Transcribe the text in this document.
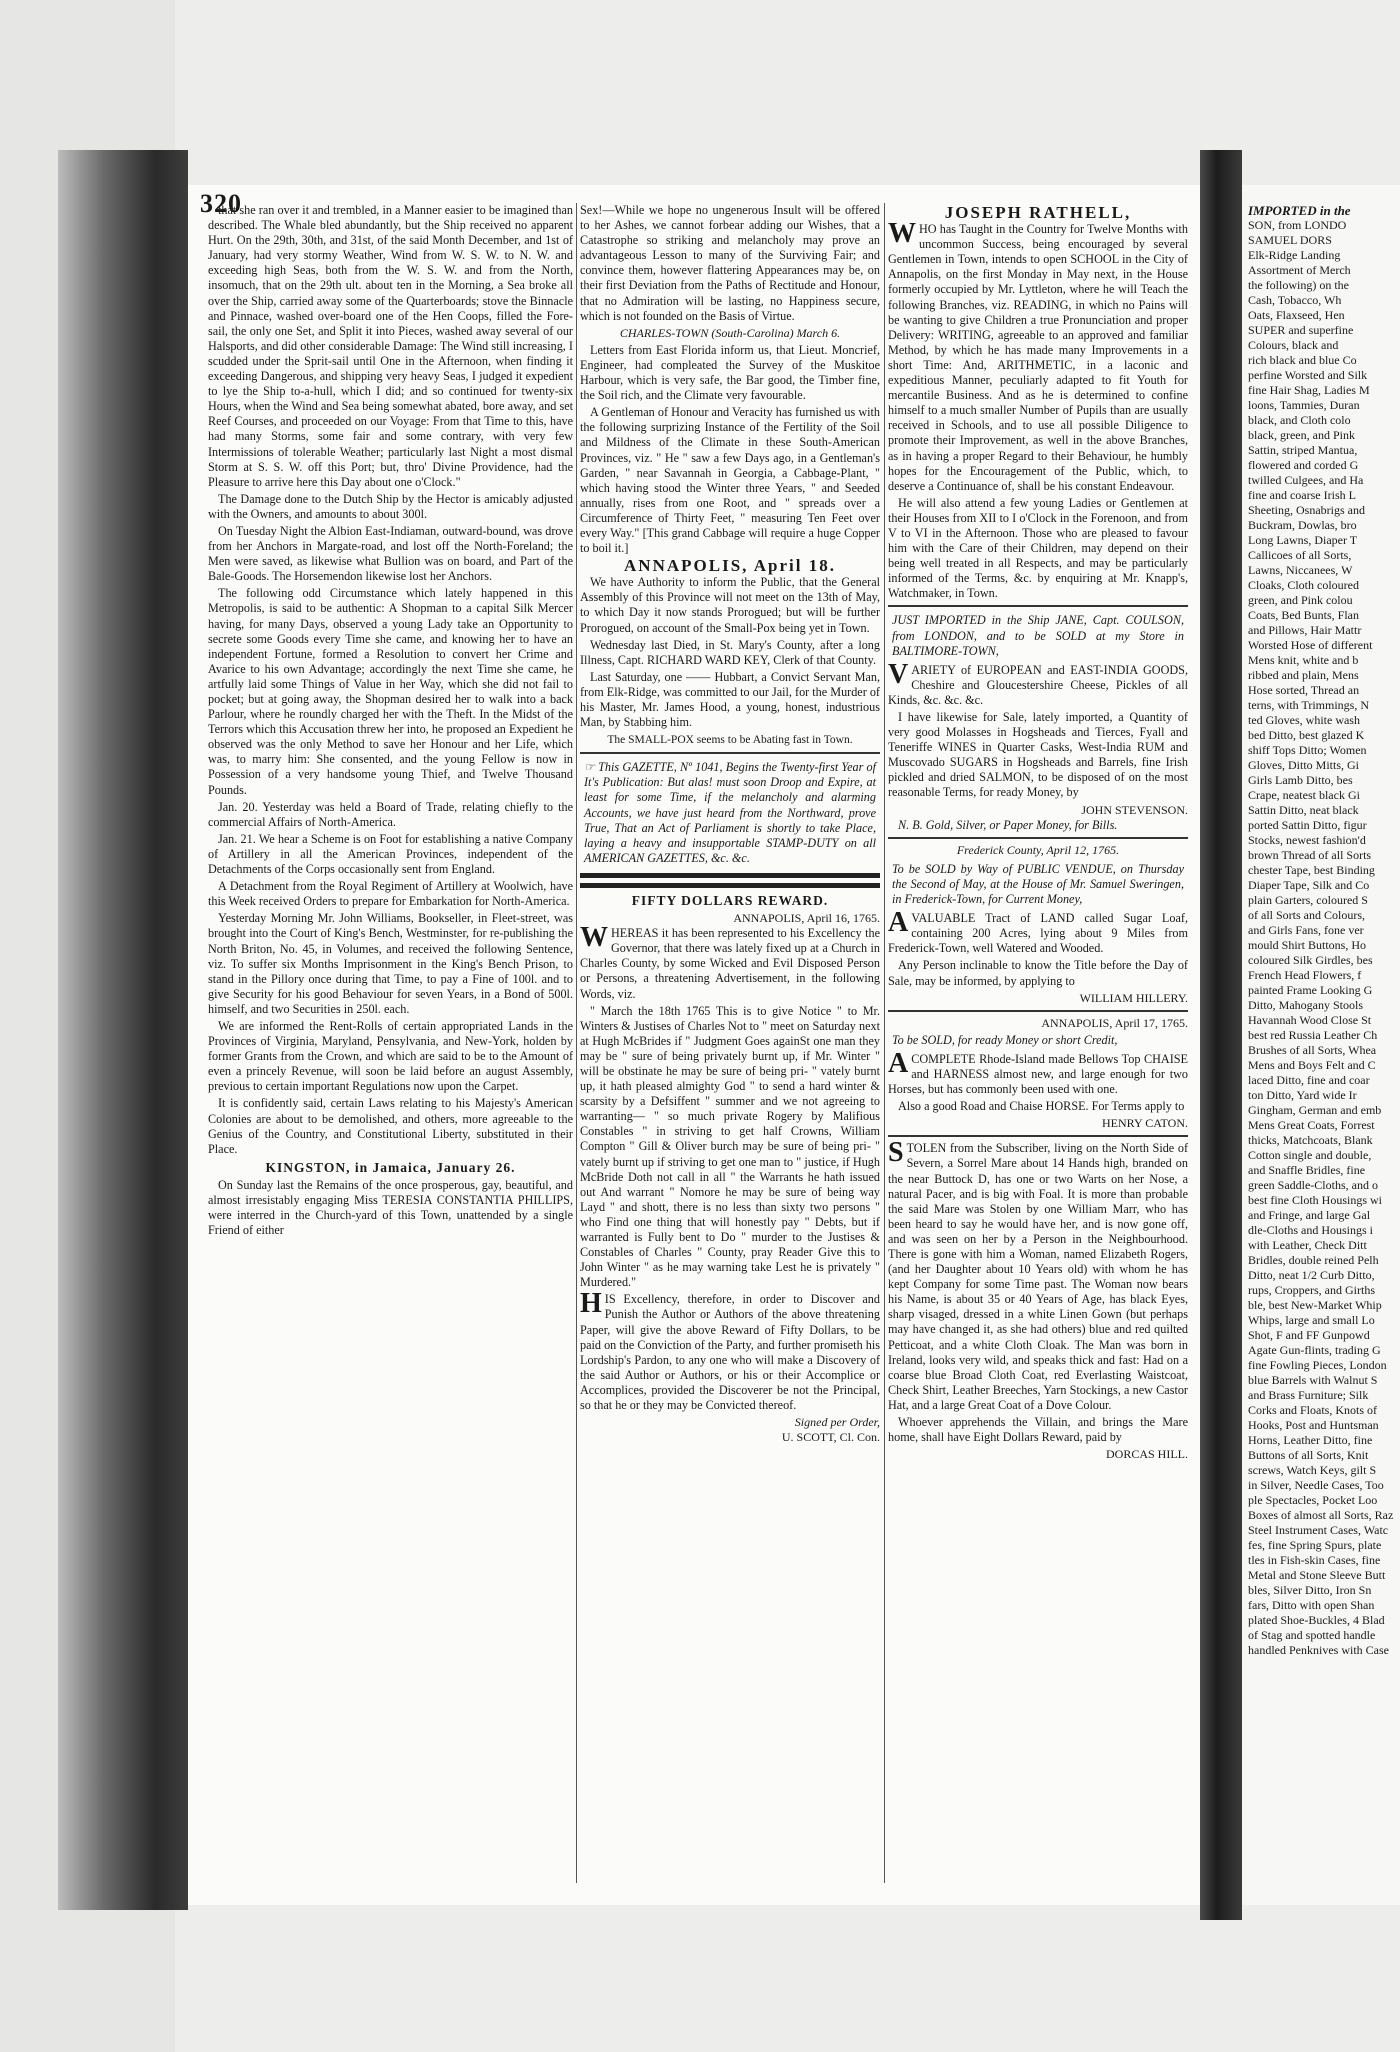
320

that she ran over it and trembled, in a Manner easier to be imagined than described. The Whale bled abundantly, but the Ship received no apparent Hurt. On the 29th, 30th, and 31st, of the said Month December, and 1st of January, had very stormy Weather, Wind from W. S. W. to N. W. and exceeding high Seas, both from the W. S. W. and from the North, insomuch, that on the 29th ult. about ten in the Morning, a Sea broke all over the Ship, carried away some of the Quarterboards; stove the Binnacle and Pinnace, washed over-board one of the Hen Coops, filled the Fore-sail, the only one Set, and Split it into Pieces, washed away several of our Halsports, and did other considerable Damage: The Wind still increasing, I scudded under the Sprit-sail until One in the Afternoon, when finding it exceeding Dangerous, and shipping very heavy Seas, I judged it expedient to lye the Ship to-a-hull, which I did; and so continued for twenty-six Hours, when the Wind and Sea being somewhat abated, bore away, and set Reef Courses, and proceeded on our Voyage: From that Time to this, have had many Storms, some fair and some contrary, with very few Intermissions of tolerable Weather; particularly last Night a most dismal Storm at S. S. W. off this Port; but, thro' Divine Providence, had the Pleasure to arrive here this Day about one o'Clock."

The Damage done to the Dutch Ship by the Hector is amicably adjusted with the Owners, and amounts to about 300l.

On Tuesday Night the Albion East-Indiaman, outward-bound, was drove from her Anchors in Margate-road, and lost off the North-Foreland; the Men were saved, as likewise what Bullion was on board, and Part of the Bale-Goods. The Horsemendon likewise lost her Anchors.

The following odd Circumstance which lately happened in this Metropolis, is said to be authentic: A Shopman to a capital Silk Mercer having, for many Days, observed a young Lady take an Opportunity to secrete some Goods every Time she came, and knowing her to have an independent Fortune, formed a Resolution to convert her Crime and Avarice to his own Advantage; accordingly the next Time she came, he artfully laid some Things of Value in her Way, which she did not fail to pocket; but at going away, the Shopman desired her to walk into a back Parlour, where he roundly charged her with the Theft. In the Midst of the Terrors which this Accusation threw her into, he proposed an Expedient he observed was the only Method to save her Honour and her Life, which was, to marry him: She consented, and the young Fellow is now in Possession of a very handsome young Thief, and Twelve Thousand Pounds.

Jan. 20. Yesterday was held a Board of Trade, relating chiefly to the commercial Affairs of North-America.

Jan. 21. We hear a Scheme is on Foot for establishing a native Company of Artillery in all the American Provinces, independent of the Detachments of the Corps occasionally sent from England.

A Detachment from the Royal Regiment of Artillery at Woolwich, have this Week received Orders to prepare for Embarkation for North-America.

Yesterday Morning Mr. John Williams, Bookseller, in Fleet-street, was brought into the Court of King's Bench, Westminster, for re-publishing the North Briton, No. 45, in Volumes, and received the following Sentence, viz. To suffer six Months Imprisonment in the King's Bench Prison, to stand in the Pillory once during that Time, to pay a Fine of 100l. and to give Security for his good Behaviour for seven Years, in a Bond of 500l. himself, and two Securities in 250l. each.

We are informed the Rent-Rolls of certain appropriated Lands in the Provinces of Virginia, Maryland, Pensylvania, and New-York, holden by former Grants from the Crown, and which are said to be to the Amount of even a princely Revenue, will soon be laid before an august Assembly, previous to certain important Regulations now upon the Carpet.

It is confidently said, certain Laws relating to his Majesty's American Colonies are about to be demolished, and others, more agreeable to the Genius of the Country, and Constitutional Liberty, substituted in their Place.

KINGSTON, in Jamaica, January 26.

On Sunday last the Remains of the once prosperous, gay, beautiful, and almost irresistably engaging Miss TERESIA CONSTANTIA PHILLIPS, were interred in the Church-yard of this Town, unattended by a single Friend of either

Sex!—While we hope no ungenerous Insult will be offered to her Ashes, we cannot forbear adding our Wishes, that a Catastrophe so striking and melancholy may prove an advantageous Lesson to many of the Surviving Fair; and convince them, however flattering Appearances may be, on their first Deviation from the Paths of Rectitude and Honour, that no Admiration will be lasting, no Happiness secure, which is not founded on the Basis of Virtue.

CHARLES-TOWN (South-Carolina) March 6.

Letters from East Florida inform us, that Lieut. Moncrief, Engineer, had compleated the Survey of the Muskitoe Harbour, which is very safe, the Bar good, the Timber fine, the Soil rich, and the Climate very favourable.

A Gentleman of Honour and Veracity has furnished us with the following surprizing Instance of the Fertility of the Soil and Mildness of the Climate in these South-American Provinces, viz. " He " saw a few Days ago, in a Gentleman's Garden, " near Savannah in Georgia, a Cabbage-Plant, " which having stood the Winter three Years, " and Seeded annually, rises from one Root, and " spreads over a Circumference of Thirty Feet, " measuring Ten Feet over every Way." [This grand Cabbage will require a huge Copper to boil it.]

ANNAPOLIS, April 18.

We have Authority to inform the Public, that the General Assembly of this Province will not meet on the 13th of May, to which Day it now stands Prorogued; but will be further Prorogued, on account of the Small-Pox being yet in Town.

Wednesday last Died, in St. Mary's County, after a long Illness, Capt. RICHARD WARD KEY, Clerk of that County.

Last Saturday, one —— Hubbart, a Convict Servant Man, from Elk-Ridge, was committed to our Jail, for the Murder of his Master, Mr. James Hood, a young, honest, industrious Man, by Stabbing him.

The SMALL-POX seems to be Abating fast in Town.

☞ This GAZETTE, Nº 1041, Begins the Twenty-first Year of It's Publication: But alas! must soon Droop and Expire, at least for some Time, if the melancholy and alarming Accounts, we have just heard from the Northward, prove True, That an Act of Parliament is shortly to take Place, laying a heavy and insupportable STAMP-DUTY on all AMERICAN GAZETTES, &c. &c.

FIFTY DOLLARS REWARD.
ANNAPOLIS, April 16, 1765.

WHEREAS it has been represented to his Excellency the Governor, that there was lately fixed up at a Church in Charles County, by some Wicked and Evil Disposed Person or Persons, a threatening Advertisement, in the following Words, viz.

" March the 18th 1765 This is to give Notice " to Mr. Winters & Justises of Charles Not to " meet on Saturday next at Hugh McBrides if " Judgment Goes againSt one man they may be " sure of being privately burnt up, if Mr. Winter " will be obstinate he may be sure of being pri- " vately burnt up, it hath pleased almighty God " to send a hard winter & scarsity by a Defsiffent " summer and we not agreeing to warranting— " so much private Rogery by Malifious Constables " in striving to get half Crowns, William Compton " Gill & Oliver burch may be sure of being pri- " vately burnt up if striving to get one man to " justice, if Hugh McBride Doth not call in all " the Warrants he hath issued out And warrant " Nomore he may be sure of being way Layd " and shott, there is no less than sixty two persons " who Find one thing that will honestly pay " Debts, but if warranted is Fully bent to Do " murder to the Justises & Constables of Charles " County, pray Reader Give this to John Winter " as he may warning take Lest he is privately " Murdered."

HIS Excellency, therefore, in order to Discover and Punish the Author or Authors of the above threatening Paper, will give the above Reward of Fifty Dollars, to be paid on the Conviction of the Party, and further promiseth his Lordship's Pardon, to any one who will make a Discovery of the said Author or Authors, or his or their Accomplice or Accomplices, provided the Discoverer be not the Principal, so that he or they may be Convicted thereof.

Signed per Order,
U. SCOTT, Cl. Con.
JOSEPH RATHELL,

WHO has Taught in the Country for Twelve Months with uncommon Success, being encouraged by several Gentlemen in Town, intends to open SCHOOL in the City of Annapolis, on the first Monday in May next, in the House formerly occupied by Mr. Lyttleton, where he will Teach the following Branches, viz. READING, in which no Pains will be wanting to give Children a true Pronunciation and proper Delivery: WRITING, agreeable to an approved and familiar Method, by which he has made many Improvements in a short Time: And, ARITHMETIC, in a laconic and expeditious Manner, peculiarly adapted to fit Youth for mercantile Business. And as he is determined to confine himself to a much smaller Number of Pupils than are usually received in Schools, and to use all possible Diligence to promote their Improvement, as well in the above Branches, as in having a proper Regard to their Behaviour, he humbly hopes for the Encouragement of the Public, which, to deserve a Continuance of, shall be his constant Endeavour.

He will also attend a few young Ladies or Gentlemen at their Houses from XII to I o'Clock in the Forenoon, and from V to VI in the Afternoon. Those who are pleased to favour him with the Care of their Children, may depend on their being well treated in all Respects, and may be particularly informed of the Terms, &c. by enquiring at Mr. Knapp's, Watchmaker, in Town.

JUST IMPORTED in the Ship JANE, Capt. COULSON, from LONDON, and to be SOLD at my Store in BALTIMORE-TOWN,

VARIETY of EUROPEAN and EAST-INDIA GOODS, Cheshire and Gloucestershire Cheese, Pickles of all Kinds, &c. &c. &c.

I have likewise for Sale, lately imported, a Quantity of very good Molasses in Hogsheads and Tierces, Fyall and Teneriffe WINES in Quarter Casks, West-India RUM and Muscovado SUGARS in Hogsheads and Barrels, fine Irish pickled and dried SALMON, to be disposed of on the most reasonable Terms, for ready Money, by

JOHN STEVENSON.

N. B. Gold, Silver, or Paper Money, for Bills.

Frederick County, April 12, 1765.

To be SOLD by Way of PUBLIC VENDUE, on Thursday the Second of May, at the House of Mr. Samuel Sweringen, in Frederick-Town, for Current Money,

AVALUABLE Tract of LAND called Sugar Loaf, containing 200 Acres, lying about 9 Miles from Frederick-Town, well Watered and Wooded.

Any Person inclinable to know the Title before the Day of Sale, may be informed, by applying to

WILLIAM HILLERY.
ANNAPOLIS, April 17, 1765.

To be SOLD, for ready Money or short Credit,

ACOMPLETE Rhode-Island made Bellows Top CHAISE and HARNESS almost new, and large enough for two Horses, but has commonly been used with one.

Also a good Road and Chaise HORSE. For Terms apply to

HENRY CATON.

STOLEN from the Subscriber, living on the North Side of Severn, a Sorrel Mare about 14 Hands high, branded on the near Buttock D, has one or two Warts on her Nose, a natural Pacer, and is big with Foal. It is more than probable the said Mare was Stolen by one William Marr, who has been heard to say he would have her, and is now gone off, and was seen on her by a Person in the Neighbourhood. There is gone with him a Woman, named Elizabeth Rogers, (and her Daughter about 10 Years old) with whom he has kept Company for some Time past. The Woman now bears his Name, is about 35 or 40 Years of Age, has black Eyes, sharp visaged, dressed in a white Linen Gown (but perhaps may have changed it, as she had others) blue and red quilted Petticoat, and a white Cloth Cloak. The Man was born in Ireland, looks very wild, and speaks thick and fast: Had on a coarse blue Broad Cloth Coat, red Everlasting Waistcoat, Check Shirt, Leather Breeches, Yarn Stockings, a new Castor Hat, and a large Great Coat of a Dove Colour.

Whoever apprehends the Villain, and brings the Mare home, shall have Eight Dollars Reward, paid by

DORCAS HILL.
IMPORTED in the
SON, from LONDO
SAMUEL DORS
Elk-Ridge Landing
Assortment of Merch
the following) on the
Cash, Tobacco, Wh
Oats, Flaxseed, Hen
SUPER and superfine
Colours, black and
rich black and blue Co
perfine Worsted and Silk
fine Hair Shag, Ladies M
loons, Tammies, Duran
black, and Cloth colo
black, green, and Pink
Sattin, striped Mantua,
flowered and corded G
twilled Culgees, and Ha
fine and coarse Irish L
Sheeting, Osnabrigs and
Buckram, Dowlas, bro
Long Lawns, Diaper T
Callicoes of all Sorts,
Lawns, Niccanees, W
Cloaks, Cloth coloured
green, and Pink colou
Coats, Bed Bunts, Flan
and Pillows, Hair Mattr
Worsted Hose of different
Mens knit, white and b
ribbed and plain, Mens
Hose sorted, Thread an
terns, with Trimmings, N
ted Gloves, white wash
bed Ditto, best glazed K
shiff Tops Ditto; Women
Gloves, Ditto Mitts, Gi
Girls Lamb Ditto, bes
Crape, neatest black Gi
Sattin Ditto, neat black
ported Sattin Ditto, figur
Stocks, newest fashion'd
brown Thread of all Sorts
chester Tape, best Binding
Diaper Tape, Silk and Co
plain Garters, coloured S
of all Sorts and Colours,
and Girls Fans, fone ver
mould Shirt Buttons, Ho
coloured Silk Girdles, bes
French Head Flowers, f
painted Frame Looking G
Ditto, Mahogany Stools
Havannah Wood Close St
best red Russia Leather Ch
Brushes of all Sorts, Whea
Mens and Boys Felt and C
laced Ditto, fine and coar
ton Ditto, Yard wide Ir
Gingham, German and emb
Mens Great Coats, Forrest
thicks, Matchcoats, Blank
Cotton single and double,
and Snaffle Bridles, fine
green Saddle-Cloths, and o
best fine Cloth Housings wi
and Fringe, and large Gal
dle-Cloths and Housings i
with Leather, Check Ditt
Bridles, double reined Pelh
Ditto, neat 1/2 Curb Ditto,
rups, Croppers, and Girths
ble, best New-Market Whip
Whips, large and small Lo
Shot, F and FF Gunpowd
Agate Gun-flints, trading G
fine Fowling Pieces, London
blue Barrels with Walnut S
and Brass Furniture; Silk
Corks and Floats, Knots of
Hooks, Post and Huntsman
Horns, Leather Ditto, fine
Buttons of all Sorts, Knit
screws, Watch Keys, gilt S
in Silver, Needle Cases, Too
ple Spectacles, Pocket Loo
Boxes of almost all Sorts, Raz
Steel Instrument Cases, Watc
fes, fine Spring Spurs, plate
tles in Fish-skin Cases, fine
Metal and Stone Sleeve Butt
bles, Silver Ditto, Iron Sn
fars, Ditto with open Shan
plated Shoe-Buckles, 4 Blad
of Stag and spotted handle
handled Penknives with Case
